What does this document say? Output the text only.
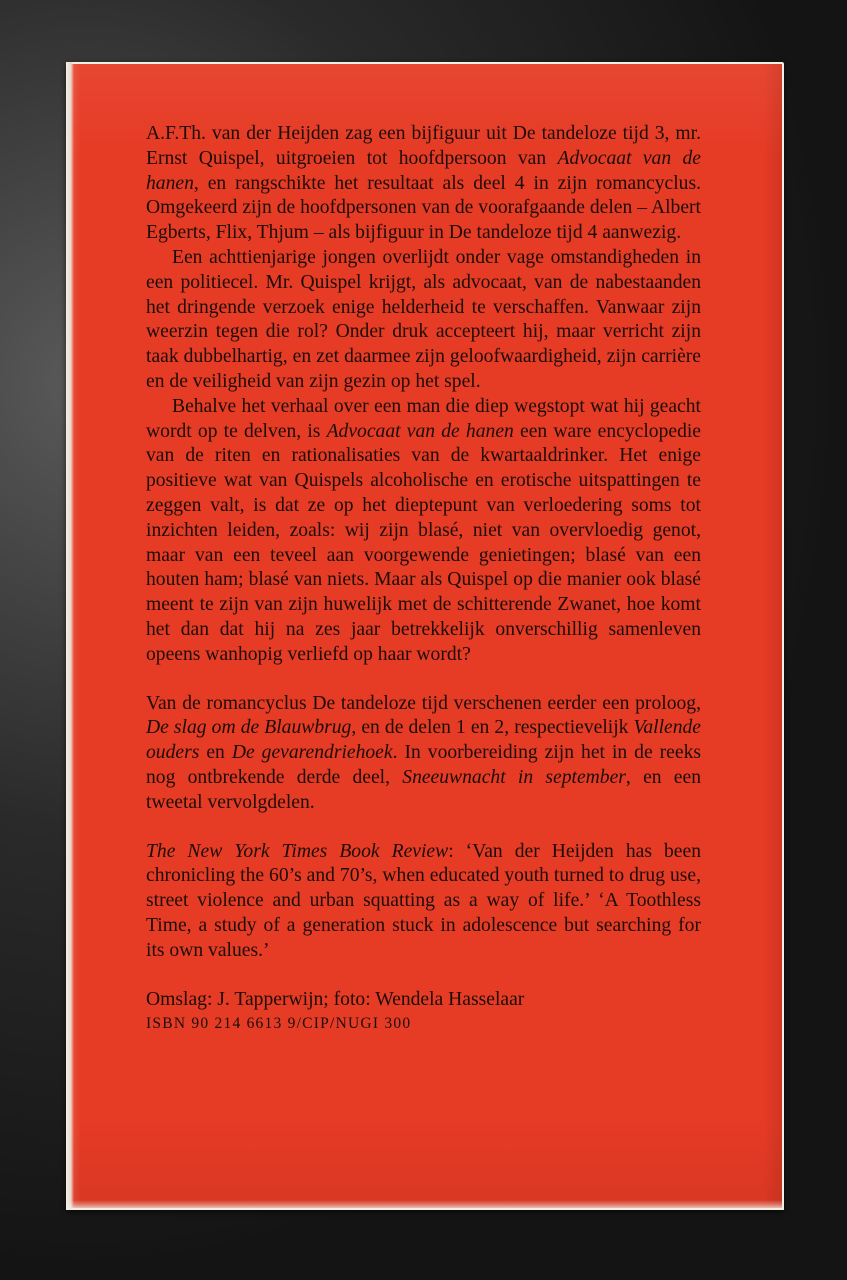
A.F.Th. van der Heijden zag een bijfiguur uit De tandeloze tijd 3, mr. Ernst Quispel, uitgroeien tot hoofdpersoon van Advocaat van de hanen, en rangschikte het resultaat als deel 4 in zijn romancyclus. Omgekeerd zijn de hoofdpersonen van de voorafgaande delen – Albert Egberts, Flix, Thjum – als bijfiguur in De tandeloze tijd 4 aanwezig.

Een achttienjarige jongen overlijdt onder vage omstandigheden in een politiecel. Mr. Quispel krijgt, als advocaat, van de nabestaanden het dringende verzoek enige helderheid te verschaffen. Vanwaar zijn weerzin tegen die rol? Onder druk accepteert hij, maar verricht zijn taak dubbelhartig, en zet daarmee zijn geloofwaardigheid, zijn carrière en de veiligheid van zijn gezin op het spel.

Behalve het verhaal over een man die diep wegstopt wat hij geacht wordt op te delven, is Advocaat van de hanen een ware encyclopedie van de riten en rationalisaties van de kwartaaldrinker. Het enige positieve wat van Quispels alcoholische en erotische uitspattingen te zeggen valt, is dat ze op het dieptepunt van verloedering soms tot inzichten leiden, zoals: wij zijn blasé, niet van overvloedig genot, maar van een teveel aan voorgewende genietingen; blasé van een houten ham; blasé van niets. Maar als Quispel op die manier ook blasé meent te zijn van zijn huwelijk met de schitterende Zwanet, hoe komt het dan dat hij na zes jaar betrekkelijk onverschillig samenleven opeens wanhopig verliefd op haar wordt?

Van de romancyclus De tandeloze tijd verschenen eerder een proloog, De slag om de Blauwbrug, en de delen 1 en 2, respectievelijk Vallende ouders en De gevarendriehoek. In voorbereiding zijn het in de reeks nog ontbrekende derde deel, Sneeuwnacht in september, en een tweetal vervolgdelen.

The New York Times Book Review: ‘Van der Heijden has been chronicling the 60’s and 70’s, when educated youth turned to drug use, street violence and urban squatting as a way of life.’ ‘A Toothless Time, a study of a generation stuck in adolescence but searching for its own values.’

Omslag: J. Tapperwijn; foto: Wendela Hasselaar

ISBN 90 214 6613 9/CIP/NUGI 300
